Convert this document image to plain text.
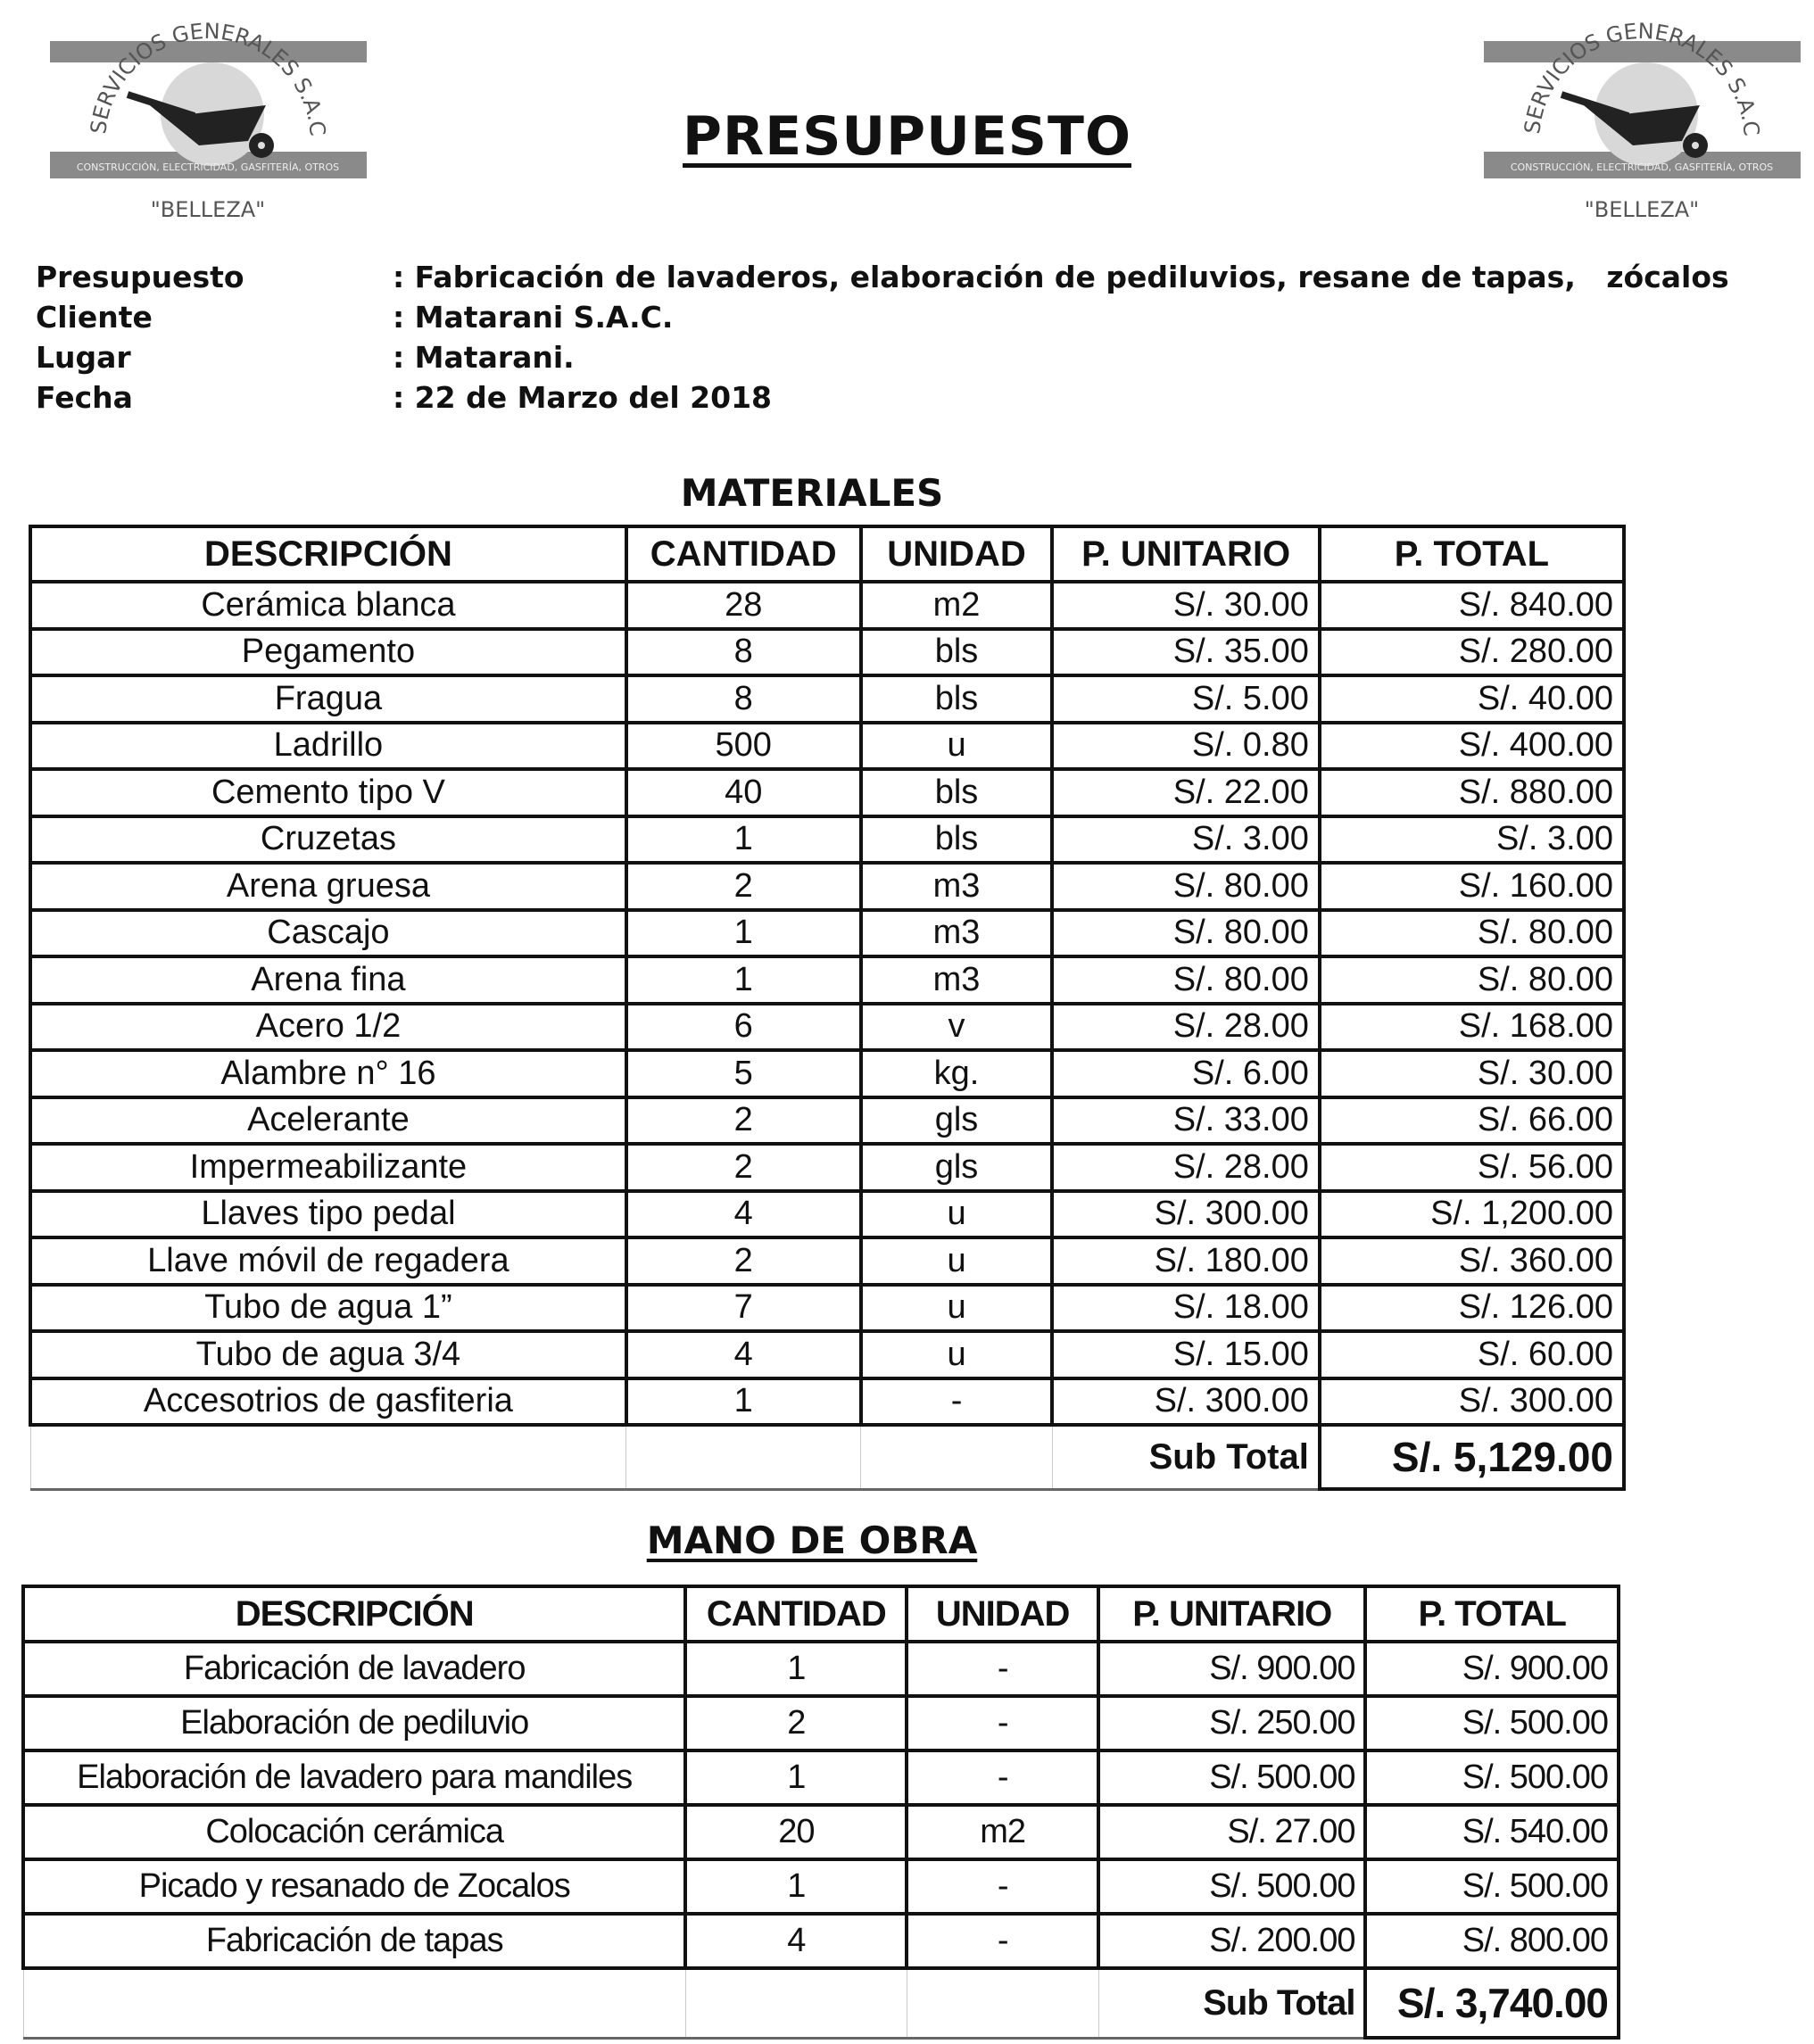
SERVICIOS GENERALES S.A.C
CONSTRUCCIÓN, ELECTRICIDAD, GASFITERÍA, OTROS
"BELLEZA"
SERVICIOS GENERALES S.A.C
CONSTRUCCIÓN, ELECTRICIDAD, GASFITERÍA, OTROS
"BELLEZA"
PRESUPUESTO
Presupuesto	: Fabricación de lavaderos, elaboración de pediluvios, resane de tapas,   zócalos
Cliente	: Matarani S.A.C.
Lugar	: Matarani.
Fecha	: 22 de Marzo del 2018
MATERIALES
DESCRIPCIÓN	CANTIDAD	UNIDAD	P. UNITARIO	P. TOTAL
Cerámica blanca	28	m2	S/. 30.00	S/. 840.00
Pegamento	8	bls	S/. 35.00	S/. 280.00
Fragua	8	bls	S/. 5.00	S/. 40.00
Ladrillo	500	u	S/. 0.80	S/. 400.00
Cemento tipo V	40	bls	S/. 22.00	S/. 880.00
Cruzetas	1	bls	S/. 3.00	S/. 3.00
Arena gruesa	2	m3	S/. 80.00	S/. 160.00
Cascajo	1	m3	S/. 80.00	S/. 80.00
Arena fina	1	m3	S/. 80.00	S/. 80.00
Acero 1/2	6	v	S/. 28.00	S/. 168.00
Alambre n° 16	5	kg.	S/. 6.00	S/. 30.00
Acelerante	2	gls	S/. 33.00	S/. 66.00
Impermeabilizante	2	gls	S/. 28.00	S/. 56.00
Llaves tipo pedal	4	u	S/. 300.00	S/. 1,200.00
Llave móvil de regadera	2	u	S/. 180.00	S/. 360.00
Tubo de agua 1”	7	u	S/. 18.00	S/. 126.00
Tubo de agua 3/4	4	u	S/. 15.00	S/. 60.00
Accesotrios de gasfiteria	1	-	S/. 300.00	S/. 300.00
			Sub Total	S/. 5,129.00
MANO DE OBRA
DESCRIPCIÓN	CANTIDAD	UNIDAD	P. UNITARIO	P. TOTAL
Fabricación de lavadero	1	-	S/. 900.00	S/. 900.00
Elaboración de pediluvio	2	-	S/. 250.00	S/. 500.00
Elaboración de lavadero para mandiles	1	-	S/. 500.00	S/. 500.00
Colocación cerámica	20	m2	S/. 27.00	S/. 540.00
Picado y resanado de Zocalos	1	-	S/. 500.00	S/. 500.00
Fabricación de tapas	4	-	S/. 200.00	S/. 800.00
			Sub Total	S/. 3,740.00
